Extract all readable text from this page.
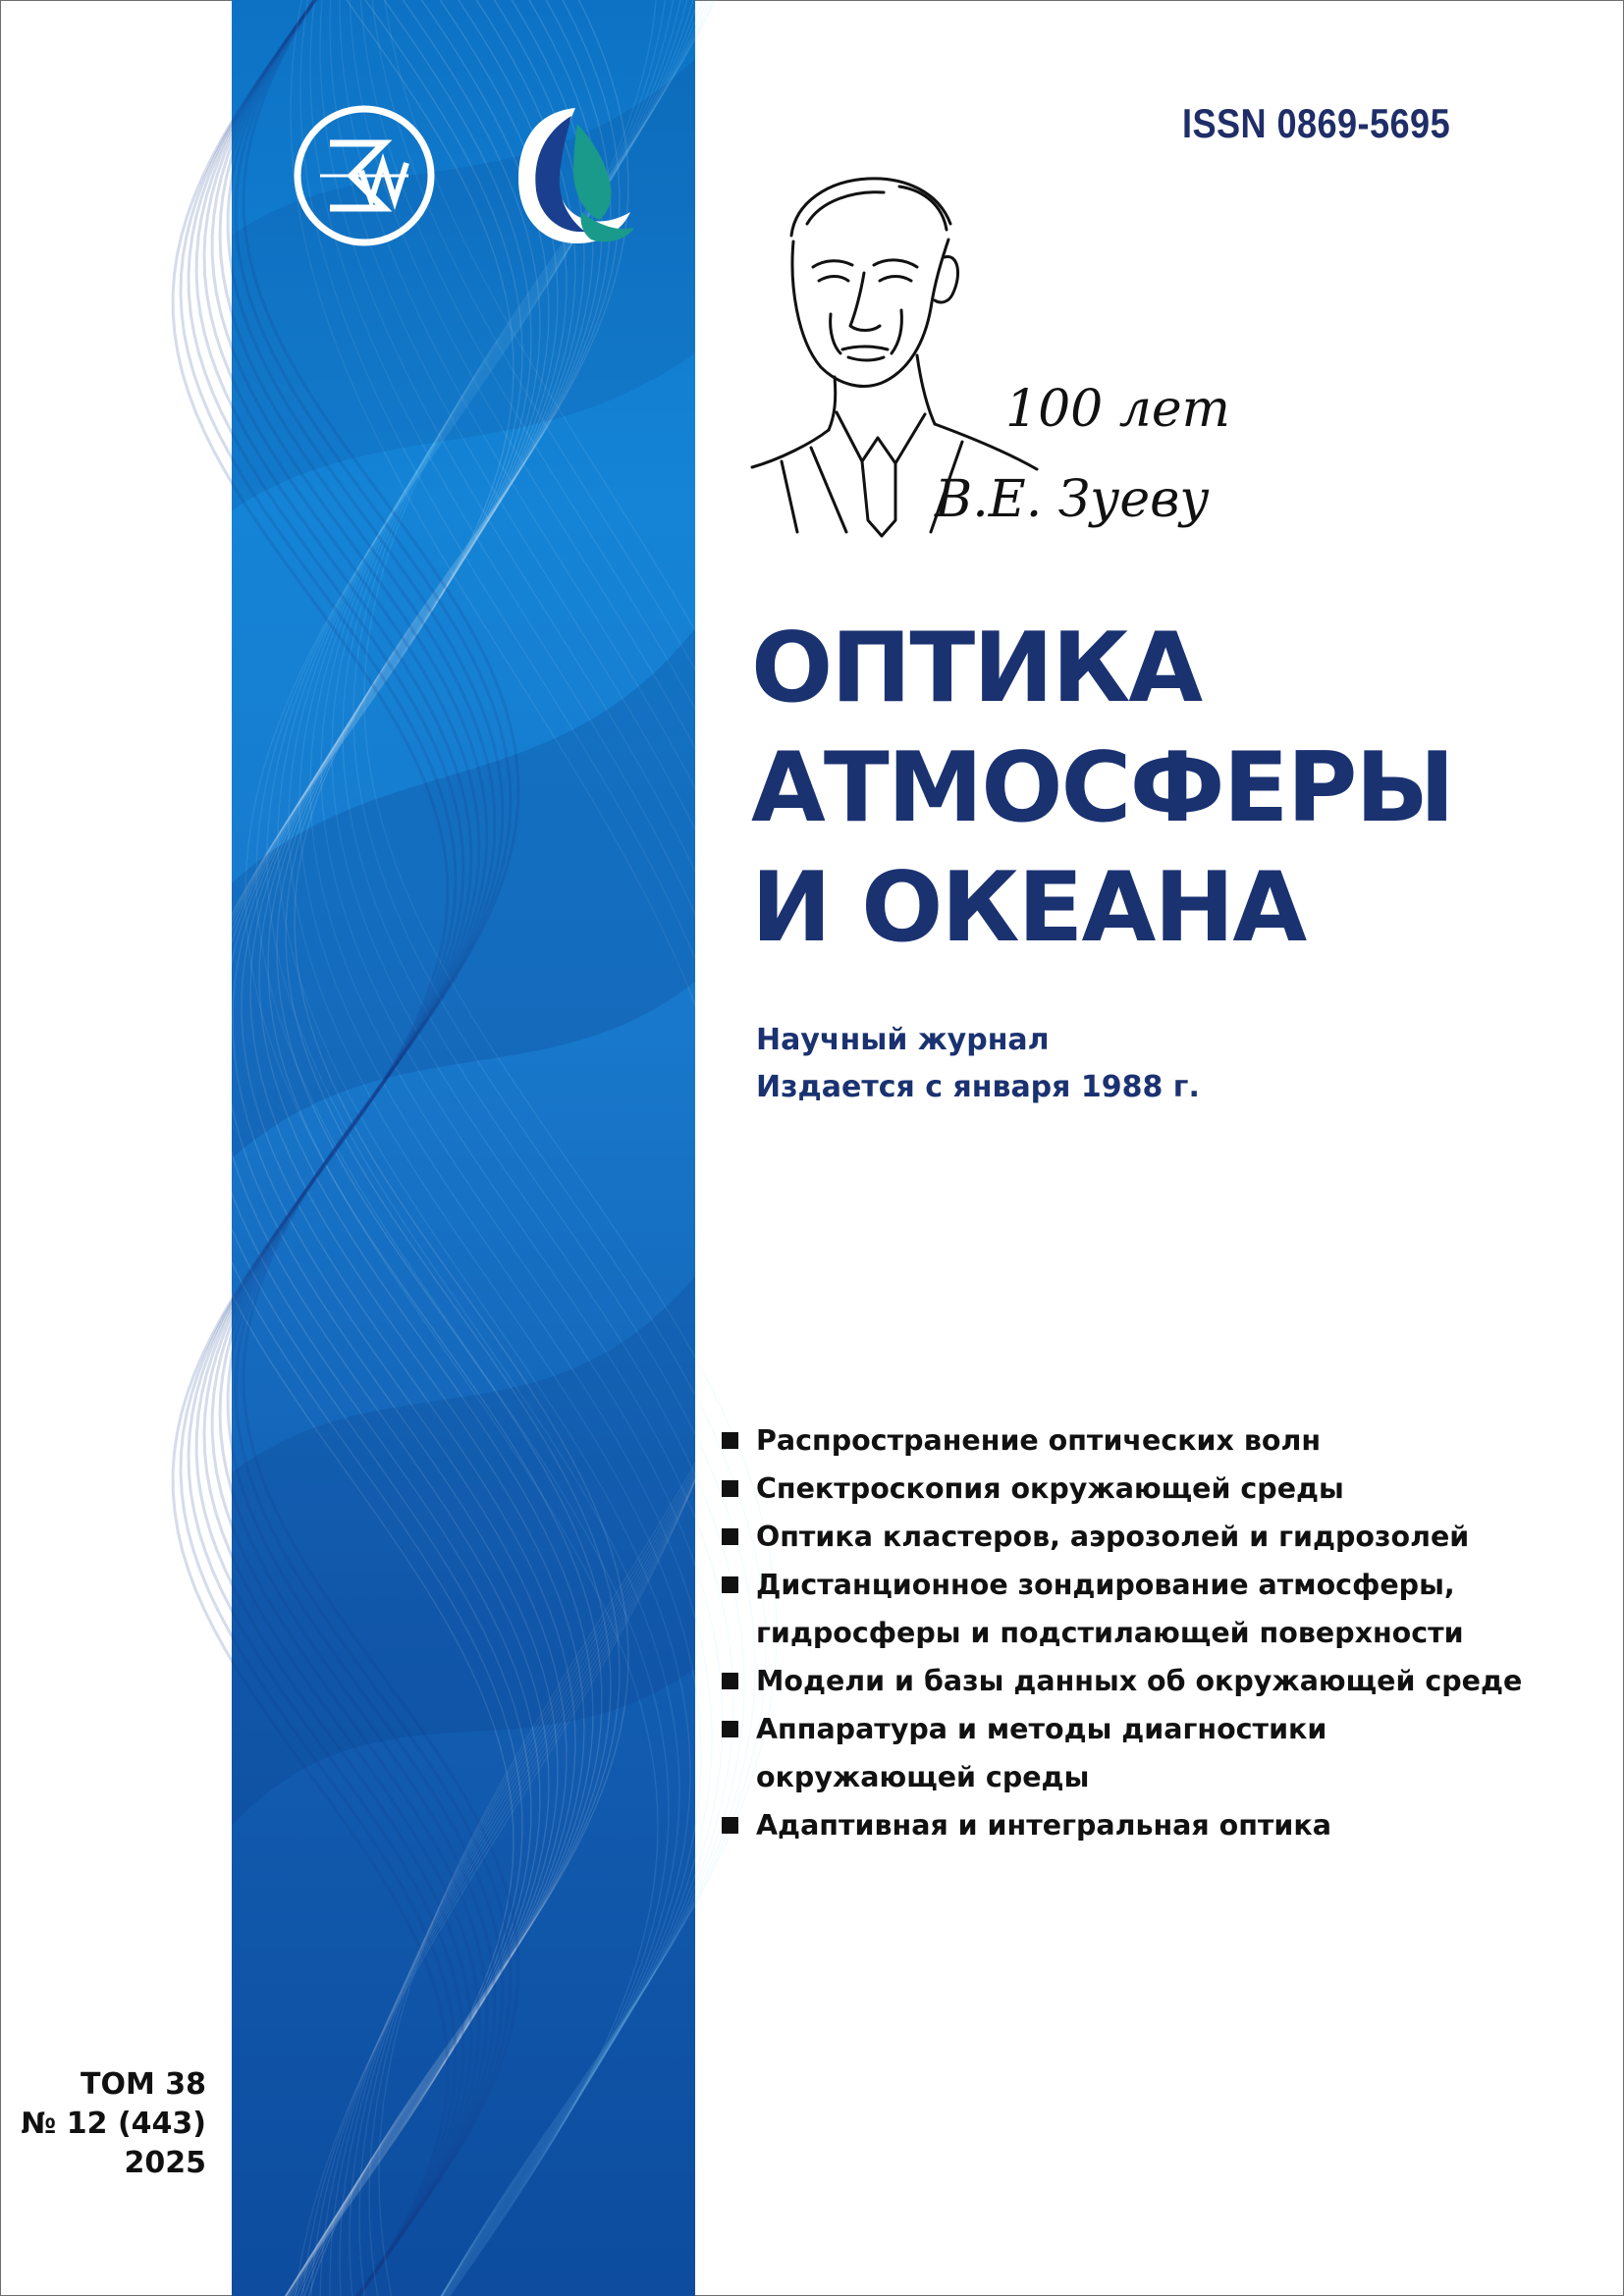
ISSN 0869-5695
100 лет
В.Е. Зуеву
ОПТИКА
АТМОСФЕРЫ
И ОКЕАНА
Научный журнал
Издается с января 1988 г.
Распространение оптических волн
Спектроскопия окружающей среды
Оптика кластеров, аэрозолей и гидрозолей
Дистанционное зондирование атмосферы,
гидросферы и подстилающей поверхности
Модели и базы данных об окружающей среде
Аппаратура и методы диагностики
окружающей среды
Адаптивная и интегральная оптика
ТОМ 38
№ 12 (443)
2025
